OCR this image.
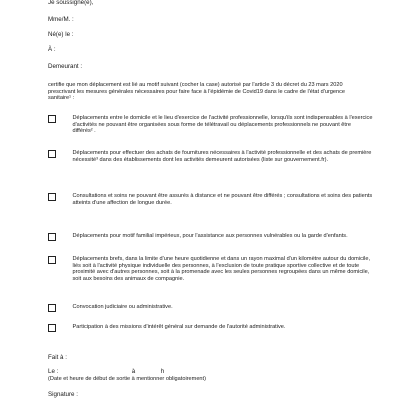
Je soussigné(e),
Mme/M. :
Né(e) le :
À :
Demeurant :
certifie que mon déplacement est lié au motif suivant (cocher la case) autorisé par l'article 3 du décret du 23 mars 2020 prescrivant les mesures générales nécessaires pour faire face à l'épidémie de Covid19 dans le cadre de l'état d'urgence sanitaire¹ :
Déplacements entre le domicile et le lieu d'exercice de l'activité professionnelle, lorsqu'ils sont indispensables à l'exercice d'activités ne pouvant être organisées sous forme de télétravail ou déplacements professionnels ne pouvant être différés² .
Déplacements pour effectuer des achats de fournitures nécessaires à l'activité professionnelle et des achats de première nécessité³ dans des établissements dont les activités demeurent autorisées (liste sur gouvernement.fr).
Consultations et soins ne pouvant être assurés à distance et ne pouvant être différés ; consultations et soins des patients atteints d'une affection de longue durée.
Déplacements pour motif familial impérieux, pour l'assistance aux personnes vulnérables ou la garde d'enfants.
Déplacements brefs, dans la limite d'une heure quotidienne et dans un rayon maximal d'un kilomètre autour du domicile, liés soit à l'activité physique individuelle des personnes, à l'exclusion de toute pratique sportive collective et de toute proximité avec d'autres personnes, soit à la promenade avec les seules personnes regroupées dans un même domicile, soit aux besoins des animaux de compagnie.
Convocation judiciaire ou administrative.
Participation à des missions d'intérêt général sur demande de l'autorité administrative.
Fait à :
Le :	à	h
(Date et heure de début de sortie à mentionner obligatoirement)
Signature :
